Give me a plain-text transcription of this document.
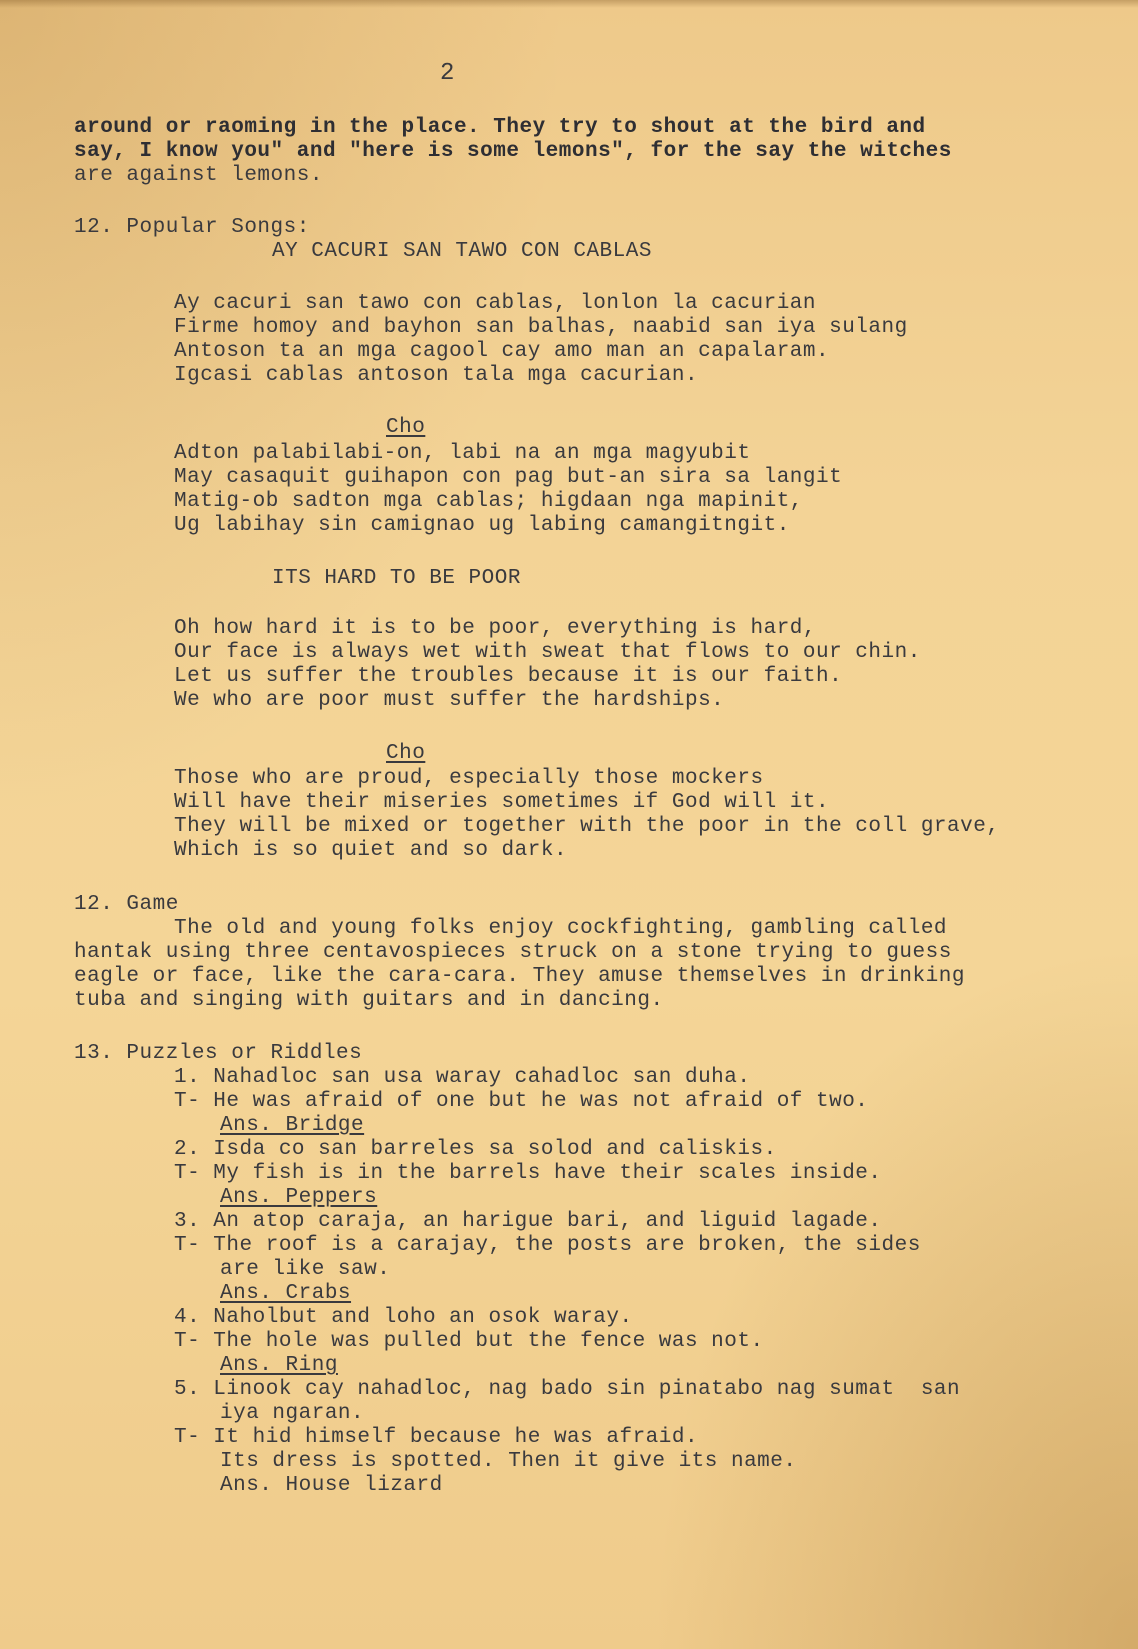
2
around or raoming in the place. They try to shout at the bird and
say, I know you" and "here is some lemons", for the say the witches
are against lemons.
12. Popular Songs:
AY CACURI SAN TAWO CON CABLAS
Ay cacuri san tawo con cablas, lonlon la cacurian
Firme homoy and bayhon san balhas, naabid san iya sulang
Antoson ta an mga cagool cay amo man an capalaram.
Igcasi cablas antoson tala mga cacurian.
Cho
Adton palabilabi-on, labi na an mga magyubit
May casaquit guihapon con pag but-an sira sa langit
Matig-ob sadton mga cablas; higdaan nga mapinit,
Ug labihay sin camignao ug labing camangitngit.
ITS HARD TO BE POOR
Oh how hard it is to be poor, everything is hard,
Our face is always wet with sweat that flows to our chin.
Let us suffer the troubles because it is our faith.
We who are poor must suffer the hardships.
Cho
Those who are proud, especially those mockers
Will have their miseries sometimes if God will it.
They will be mixed or together with the poor in the coll grave,
Which is so quiet and so dark.
12. Game
The old and young folks enjoy cockfighting, gambling called
hantak using three centavospieces struck on a stone trying to guess
eagle or face, like the cara-cara. They amuse themselves in drinking
tuba and singing with guitars and in dancing.
13. Puzzles or Riddles
1. Nahadloc san usa waray cahadloc san duha.
T- He was afraid of one but he was not afraid of two.
Ans. Bridge
2. Isda co san barreles sa solod and caliskis.
T- My fish is in the barrels have their scales inside.
Ans. Peppers
3. An atop caraja, an harigue bari, and liguid lagade.
T- The roof is a carajay, the posts are broken, the sides
are like saw.
Ans. Crabs
4. Naholbut and loho an osok waray.
T- The hole was pulled but the fence was not.
Ans. Ring
5. Linook cay nahadloc, nag bado sin pinatabo nag sumat  san
iya ngaran.
T- It hid himself because he was afraid.
Its dress is spotted. Then it give its name.
Ans. House lizard
